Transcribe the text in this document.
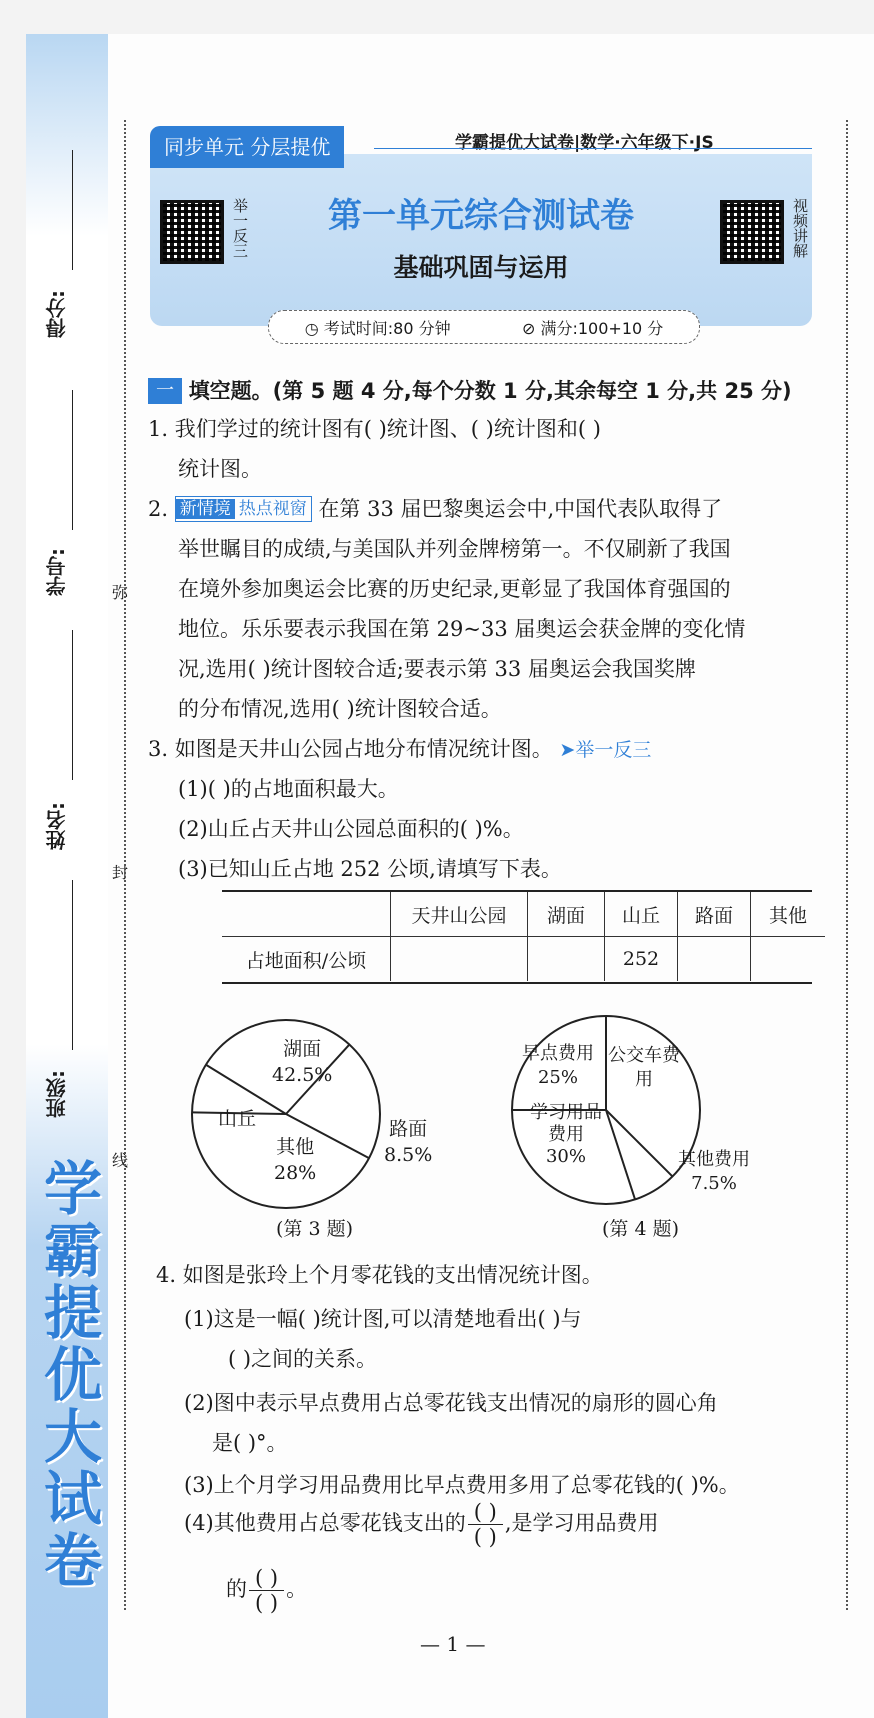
得分:
学号:
姓名:
班级:
弥
封
线
学霸提优大试卷
同步单元 分层提优	学霸提优大试卷|数学·六年级下·JS
举一反三	视频讲解
第一单元综合测试卷
基础巩固与运用
◷ 考试时间:80 分钟	⊘ 满分:100+10 分
一 填空题。(第 5 题 4 分,每个分数 1 分,其余每空 1 分,共 25 分)
1. 我们学过的统计图有( )统计图、( )统计图和( )
统计图。
2. 新情境 热点视窗 在第 33 届巴黎奥运会中,中国代表队取得了
举世瞩目的成绩,与美国队并列金牌榜第一。不仅刷新了我国
在境外参加奥运会比赛的历史纪录,更彰显了我国体育强国的
地位。乐乐要表示我国在第 29~33 届奥运会获金牌的变化情
况,选用( )统计图较合适;要表示第 33 届奥运会我国奖牌
的分布情况,选用( )统计图较合适。
3. 如图是天井山公园占地分布情况统计图。 ➤举一反三
(1)( )的占地面积最大。
(2)山丘占天井山公园总面积的( )%。
(3)已知山丘占地 252 公顷,请填写下表。
	天井山公园	湖面	山丘	路面	其他
占地面积/公顷			252		
湖面
42.5%
山丘
其他
28%
路面
8.5%
(第 3 题)
早点费用
25%
公交车费用
学习用品费用
30%	其他费用
7.5%
(第 4 题)
4. 如图是张玲上个月零花钱的支出情况统计图。
(1)这是一幅( )统计图,可以清楚地看出( )与
( )之间的关系。
(2)图中表示早点费用占总零花钱支出情况的扇形的圆心角
是( )°。
(3)上个月学习用品费用比早点费用多用了总零花钱的( )%。
(4)其他费用占总零花钱支出的 $\frac{( )}{( )}$ ,是学习用品费用
的 $\frac{( )}{( )}$ 。
— 1 —
